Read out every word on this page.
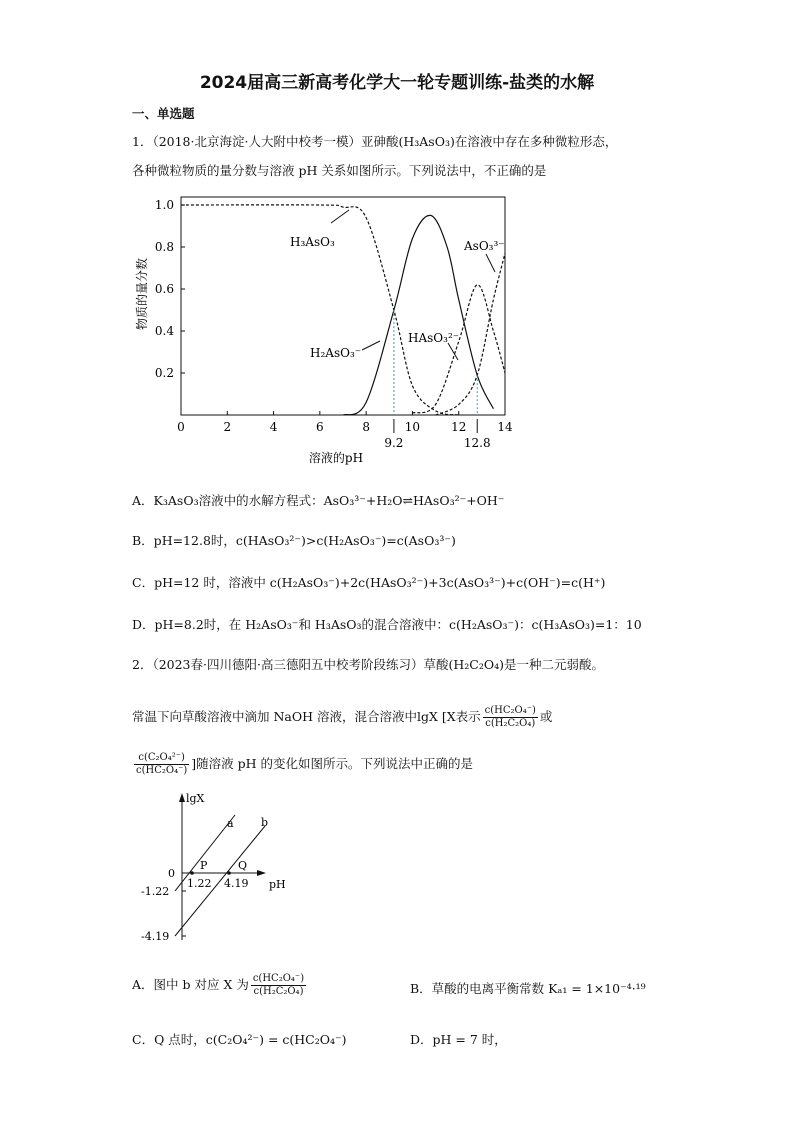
2024届高三新高考化学大一轮专题训练-盐类的水解
一、单选题
1．（2018·北京海淀·人大附中校考一模）亚砷酸(H₃AsO₃)在溶液中存在多种微粒形态，
各种微粒物质的量分数与溶液 pH 关系如图所示。下列说法中，不正确的是
1.0
0.8
0.6
0.4
0.2
0	2	4	6	8	10	12	14
物质的量分数
溶液的pH
9.2	12.8
H₃AsO₃
H₂AsO₃⁻
HAsO₃²⁻
AsO₃³⁻
A．K₃AsO₃溶液中的水解方程式：AsO₃³⁻+H₂O⇌HAsO₃²⁻+OH⁻
B．pH=12.8时，c(HAsO₃²⁻)>c(H₂AsO₃⁻)=c(AsO₃³⁻)
C．pH=12 时，溶液中 c(H₂AsO₃⁻)+2c(HAsO₃²⁻)+3c(AsO₃³⁻)+c(OH⁻)=c(H⁺)
D．pH=8.2时，在 H₂AsO₃⁻和 H₃AsO₃的混合溶液中：c(H₂AsO₃⁻)：c(H₃AsO₃)=1：10
2．（2023春·四川德阳·高三德阳五中校考阶段练习）草酸(H₂C₂O₄)是一种二元弱酸。
常温下向草酸溶液中滴加 NaOH 溶液，混合溶液中lgX [X表示 $\frac{\text{c(HC₂O₄⁻)}}{\text{c(H₂C₂O₄)}}$ 或
$\frac{\text{c(C₂O₄²⁻)}}{\text{c(HC₂O₄⁻)}}$ ]随溶液 pH 的变化如图所示。下列说法中正确的是
lgX
pH
0
-1.22
-4.19
P	Q
1.22 4.19
a b
A．图中 b 对应 X 为 $\frac{\text{c(HC₂O₄⁻)}}{\text{c(H₂C₂O₄)}}$	B．草酸的电离平衡常数 Kₐ₁ = 1×10⁻⁴·¹⁹
C．Q 点时，c(C₂O₄²⁻) = c(HC₂O₄⁻)	D．pH = 7 时，
